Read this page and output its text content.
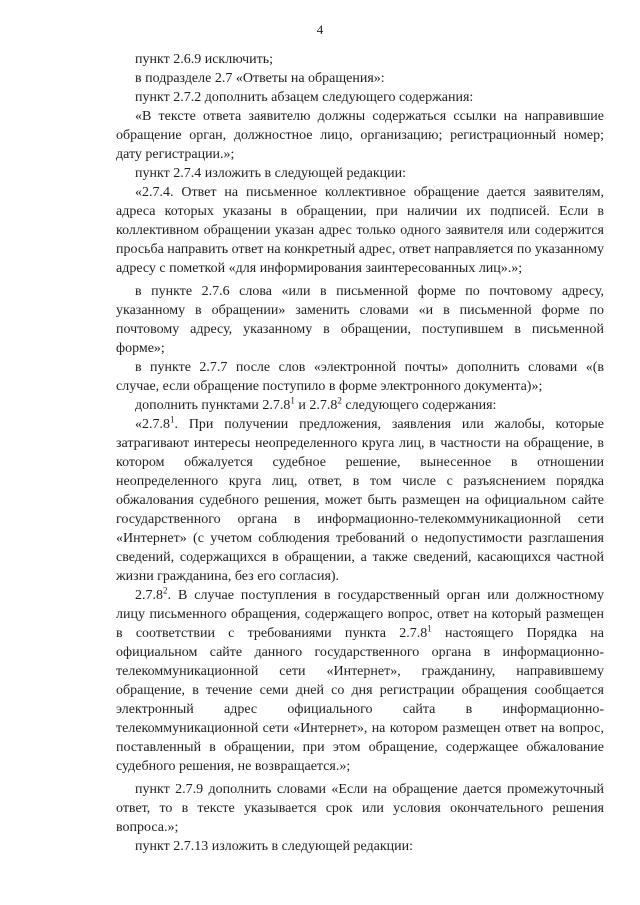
4

пункт 2.6.9 исключить;

в подразделе 2.7 «Ответы на обращения»:

пункт 2.7.2 дополнить абзацем следующего содержания:

«В тексте ответа заявителю должны содержаться ссылки на направившие обращение орган, должностное лицо, организацию; регистрационный номер; дату регистрации.»;

пункт 2.7.4 изложить в следующей редакции:

«2.7.4. Ответ на письменное коллективное обращение дается заявителям, адреса которых указаны в обращении, при наличии их подписей. Если в коллективном обращении указан адрес только одного заявителя или содержится просьба направить ответ на конкретный адрес, ответ направляется по указанному адресу с пометкой «для информирования заинтересованных лиц».»;

в пункте 2.7.6 слова «или в письменной форме по почтовому адресу, указанному в обращении» заменить словами «и в письменной форме по почтовому адресу, указанному в обращении, поступившем в письменной форме»;

в пункте 2.7.7 после слов «электронной почты» дополнить словами «(в случае, если обращение поступило в форме электронного документа)»;

дополнить пунктами 2.7.8$^1$ и 2.7.8$^2$ следующего содержания:

«2.7.8$^1$. При получении предложения, заявления или жалобы, которые затрагивают интересы неопределенного круга лиц, в частности на обращение, в котором обжалуется судебное решение, вынесенное в отношении неопределенного круга лиц, ответ, в том числе с разъяснением порядка обжалования судебного решения, может быть размещен на официальном сайте государственного органа в информационно-телекоммуникационной сети «Интернет» (с учетом соблюдения требований о недопустимости разглашения сведений, содержащихся в обращении, а также сведений, касающихся частной жизни гражданина, без его согласия).

2.7.8$^2$. В случае поступления в государственный орган или должностному лицу письменного обращения, содержащего вопрос, ответ на который размещен в соответствии с требованиями пункта 2.7.8$^1$ настоящего Порядка на официальном сайте данного государственного органа в информационно-телекоммуникационной сети «Интернет», гражданину, направившему обращение, в течение семи дней со дня регистрации обращения сообщается электронный адрес официального сайта в информационно-телекоммуникационной сети «Интернет», на котором размещен ответ на вопрос, поставленный в обращении, при этом обращение, содержащее обжалование судебного решения, не возвращается.»;

пункт 2.7.9 дополнить словами «Если на обращение дается промежуточный ответ, то в тексте указывается срок или условия окончательного решения вопроса.»;

пункт 2.7.13 изложить в следующей редакции:
